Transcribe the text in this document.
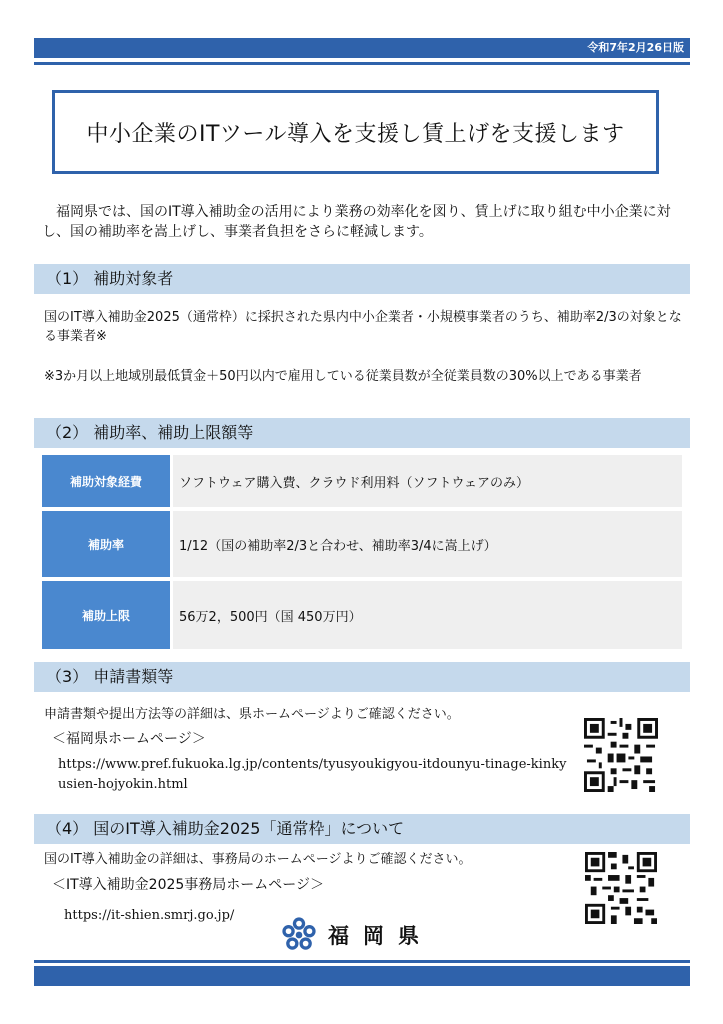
令和7年2月26日版
中小企業のITツール導入を支援し賃上げを支援します

福岡県では、国のIT導入補助金の活用により業務の効率化を図り、賃上げに取り組む中小企業に対し、国の補助率を嵩上げし、事業者負担をさらに軽減します。

（1） 補助対象者
国のIT導入補助金2025（通常枠）に採択された県内中小企業者・小規模事業者のうち、補助率2/3の対象となる事業者※
※3か月以上地域別最低賃金＋50円以内で雇用している従業員数が全従業員数の30%以上である事業者
（2） 補助率、補助上限額等
補助対象経費	ソフトウェア購入費、クラウド利用料（ソフトウェアのみ）
補助率	1/12（国の補助率2/3と合わせ、補助率3/4に嵩上げ）
補助上限	56万2，500円（国 450万円）
（3） 申請書類等
申請書類や提出方法等の詳細は、県ホームページよりご確認ください。
＜福岡県ホームページ＞
https://www.pref.fukuoka.lg.jp/contents/tyusyoukigyou-itdounyu-tinage-kinkyusien-hojyokin.html
（4） 国のIT導入補助金2025「通常枠」について
国のIT導入補助金の詳細は、事務局のホームページよりご確認ください。
＜IT導入補助金2025事務局ホームページ＞
https://it-shien.smrj.go.jp/
福岡県
